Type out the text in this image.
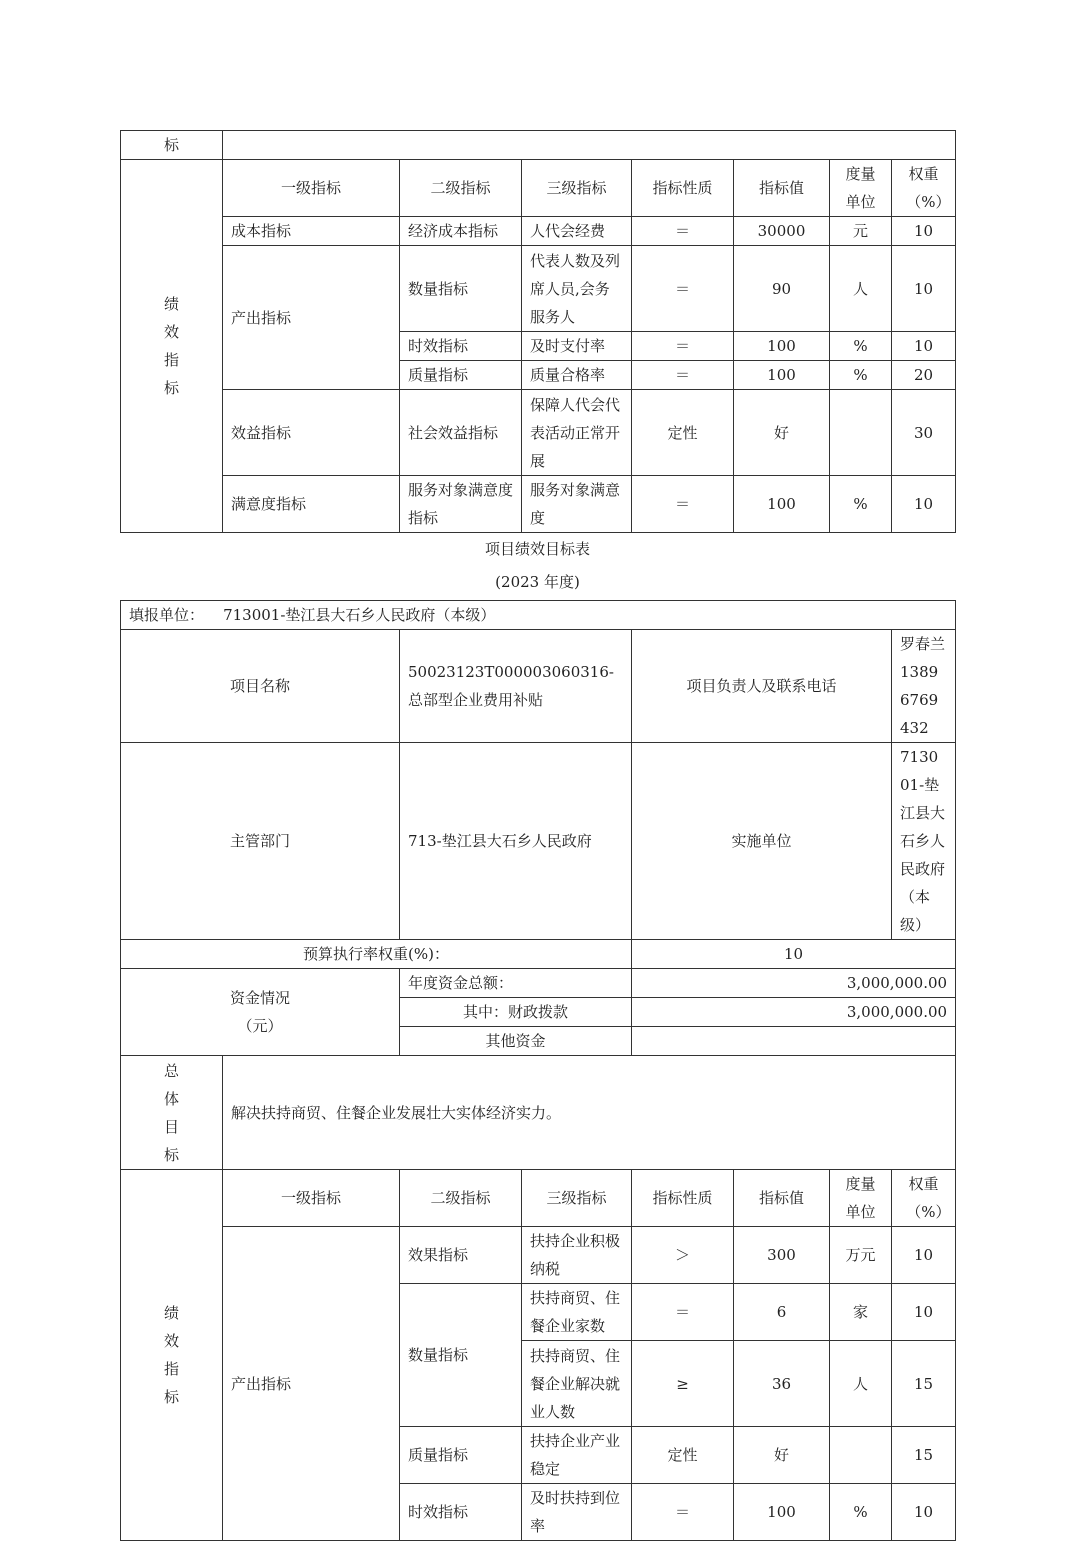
标							

绩效指标	一级指标	二级指标	三级指标	指标性质	指标值	度量单位	权重（%）

	成本指标	经济成本指标	人代会经费	＝	30000	元	10
	产出指标	数量指标	代表人数及列席人员,会务服务人	＝	90	人	10
		时效指标	及时支付率	＝	100	%	10
		质量指标	质量合格率	＝	100	%	20
	效益指标	社会效益指标	保障人代会代表活动正常开展	定性	好		30
	满意度指标	服务对象满意度指标	服务对象满意度	＝	100	%	10
项目绩效目标表
(2023 年度)
填报单位： 713001-垫江县大石乡人民政府（本级）							
项目名称		50023123T000003060316-总部型企业费用补贴		项目负责人及联系电话			罗春兰 13896769432
主管部门		713-垫江县大石乡人民政府		实施单位			713001-垫江县大石乡人民政府（本级）
预算执行率权重(%)：				10			

资金情况
（元）		年度资金总额：		3,000,000.00			
		其中：财政拨款		3,000,000.00			
		其他资金					

总体目标	解决扶持商贸、住餐企业发展壮大实体经济实力。						

绩效指标	一级指标	二级指标	三级指标	指标性质	指标值	度量单位	权重（%）

	产出指标	效果指标	扶持企业积极纳税	＞	300	万元	10
		数量指标	扶持商贸、住餐企业家数	＝	6	家	10
			扶持商贸、住餐企业解决就业人数	≥	36	人	15
		质量指标	扶持企业产业稳定	定性	好		15
		时效指标	及时扶持到位率	＝	100	%	10
